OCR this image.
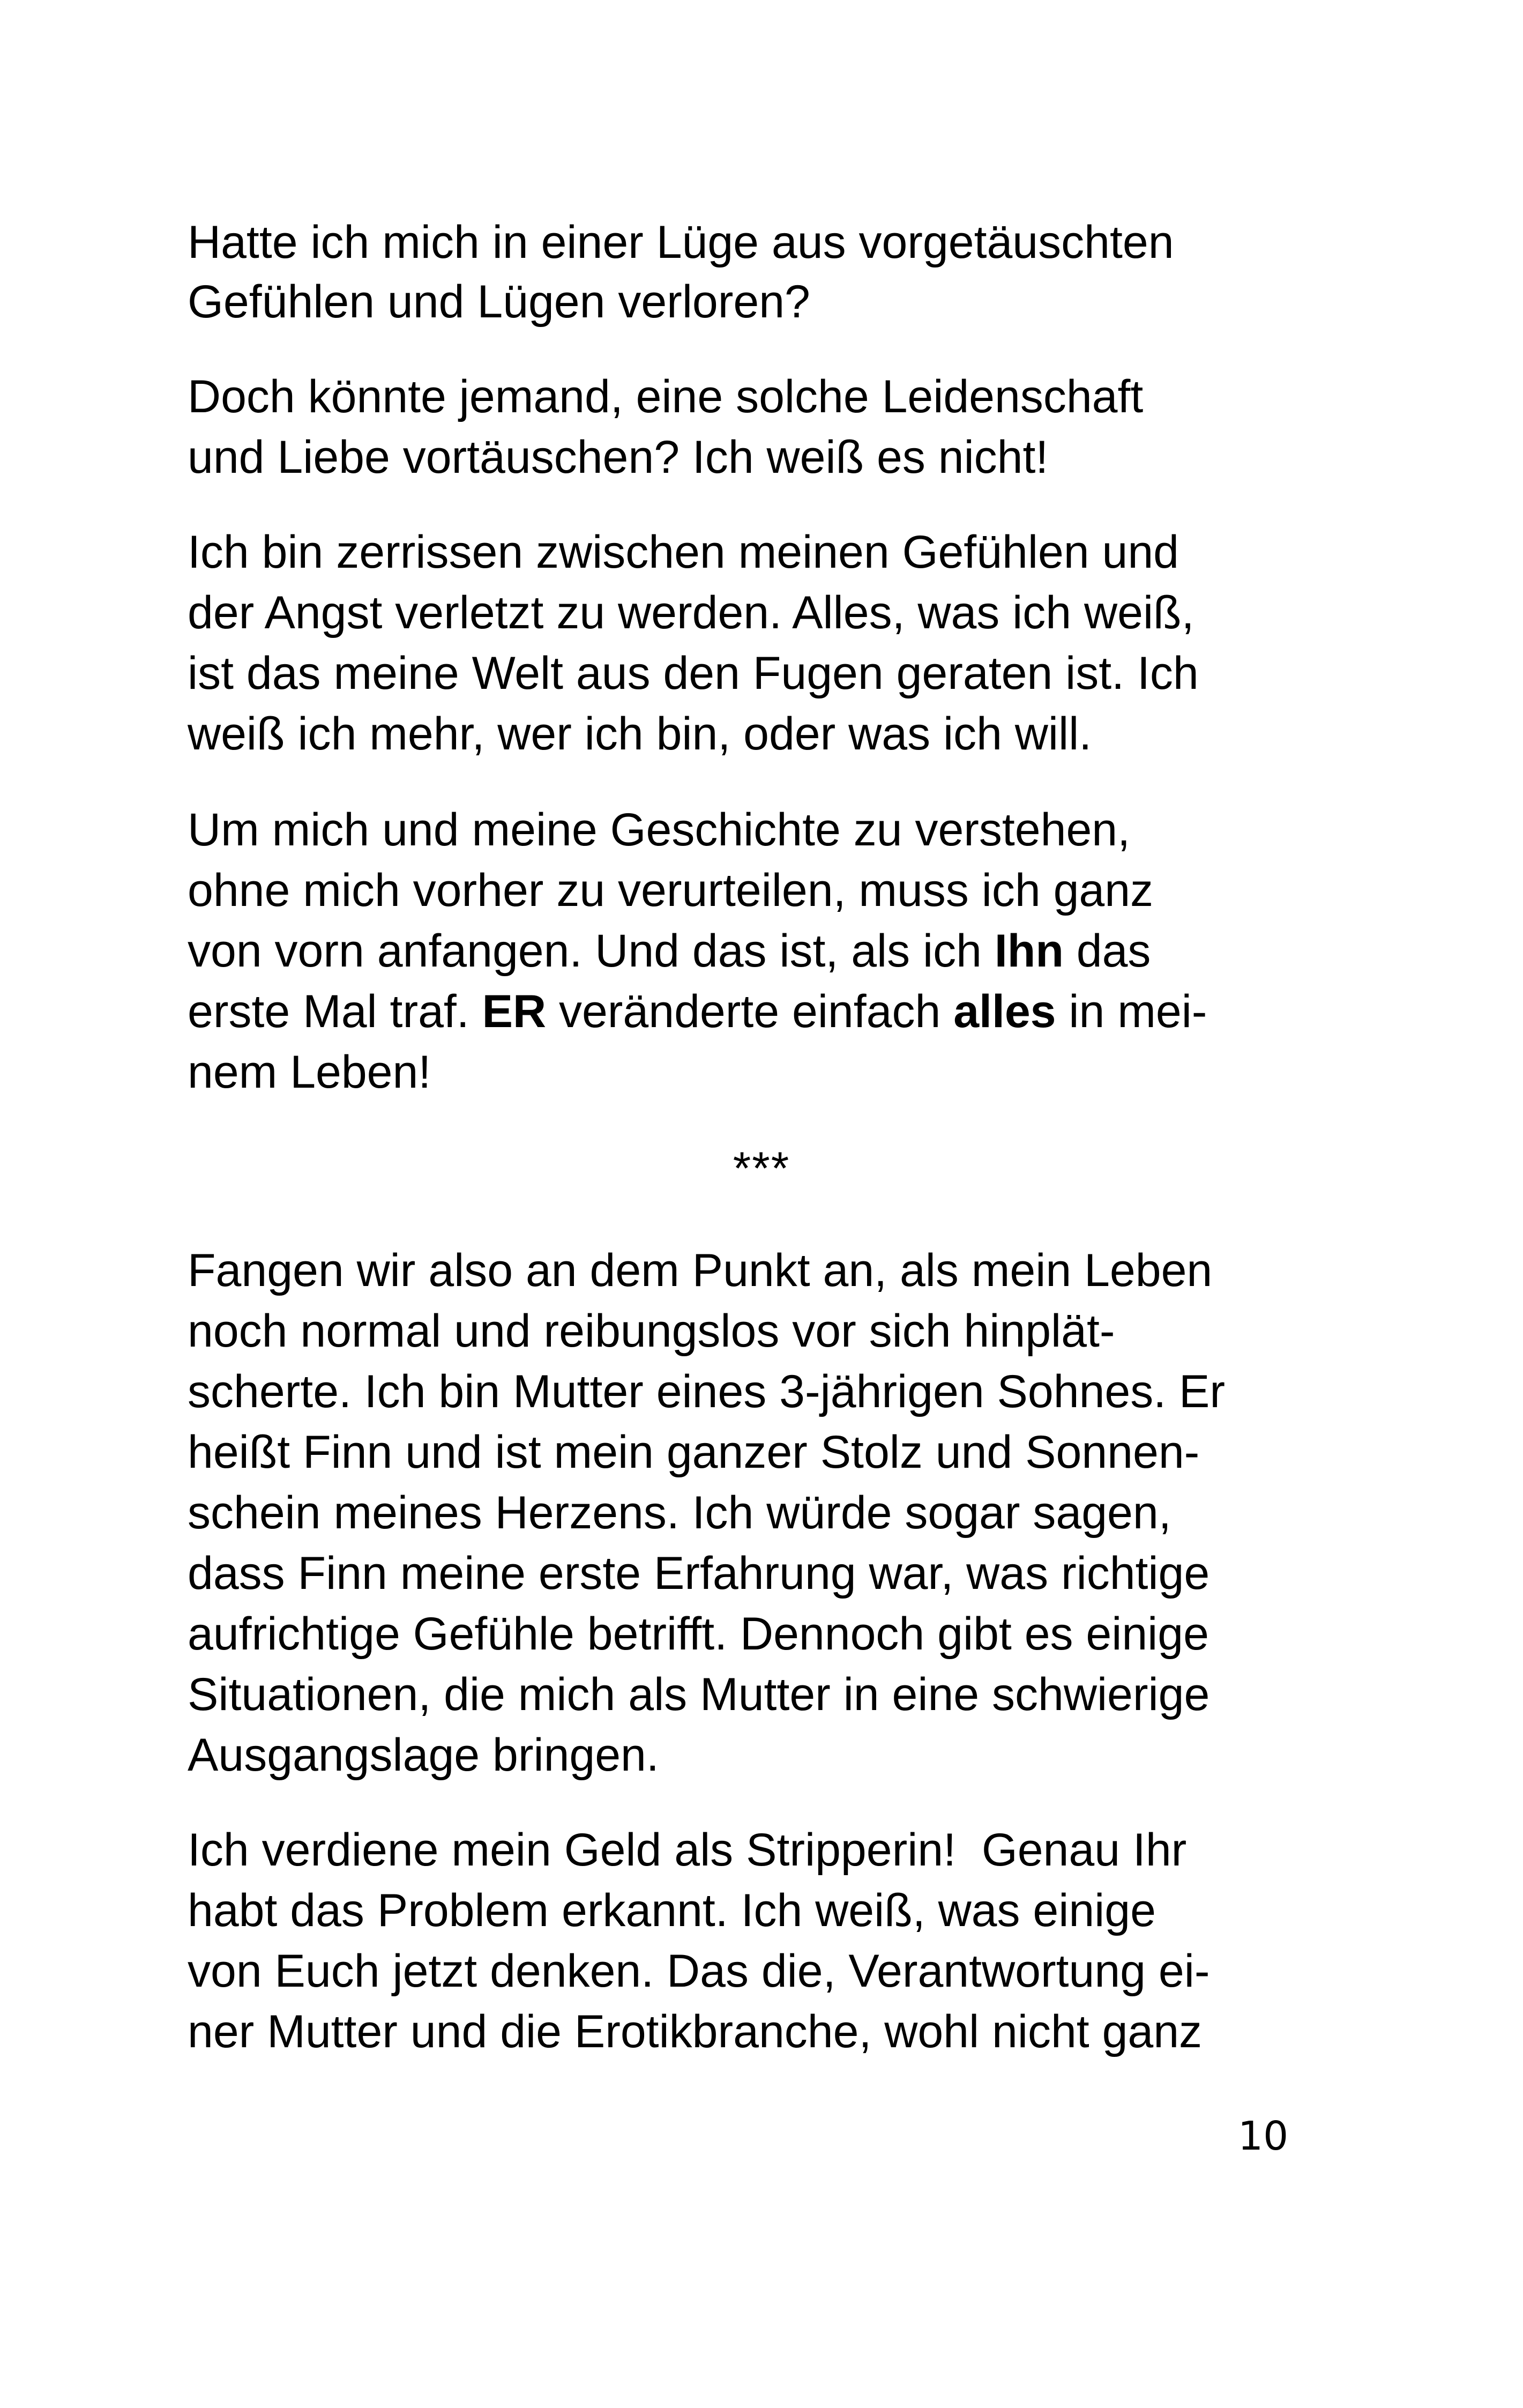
Hatte ich mich in einer Lüge aus vorgetäuschten

Gefühlen und Lügen verloren?

Doch könnte jemand, eine solche Leidenschaft

und Liebe vortäuschen? Ich weiß es nicht!

Ich bin zerrissen zwischen meinen Gefühlen und

der Angst verletzt zu werden. Alles, was ich weiß,

ist das meine Welt aus den Fugen geraten ist. Ich

weiß ich mehr, wer ich bin, oder was ich will.

Um mich und meine Geschichte zu verstehen,

ohne mich vorher zu verurteilen, muss ich ganz

von vorn anfangen. Und das ist, als ich Ihn das

erste Mal traf. ER veränderte einfach alles in mei-

nem Leben!

***

Fangen wir also an dem Punkt an, als mein Leben

noch normal und reibungslos vor sich hinplät-

scherte. Ich bin Mutter eines 3-jährigen Sohnes. Er

heißt Finn und ist mein ganzer Stolz und Sonnen-

schein meines Herzens. Ich würde sogar sagen,

dass Finn meine erste Erfahrung war, was richtige

aufrichtige Gefühle betrifft. Dennoch gibt es einige

Situationen, die mich als Mutter in eine schwierige

Ausgangslage bringen.

Ich verdiene mein Geld als Stripperin!  Genau Ihr

habt das Problem erkannt. Ich weiß, was einige

von Euch jetzt denken. Das die, Verantwortung ei-

ner Mutter und die Erotikbranche, wohl nicht ganz

10
